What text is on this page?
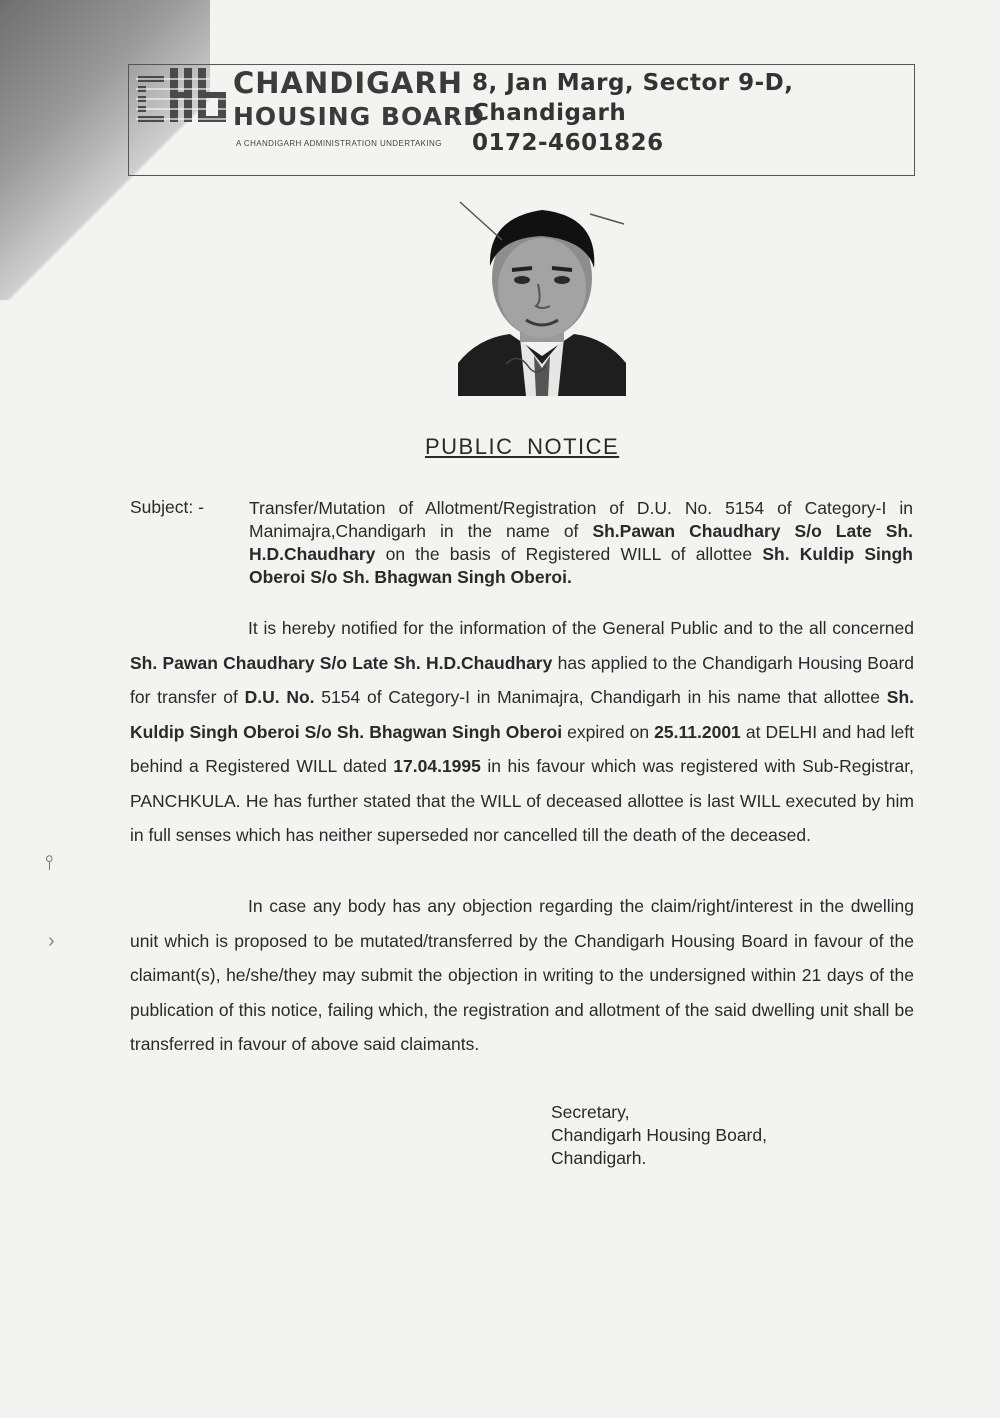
CHANDIGARH
HOUSING BOARD
A CHANDIGARH ADMINISTRATION UNDERTAKING
8, Jan Marg, Sector 9-D,
Chandigarh
0172-4601826
PUBLIC NOTICE
Subject: -	Transfer/Mutation of Allotment/Registration of D.U. No. 5154 of Category-I in Manimajra,Chandigarh in the name of Sh.Pawan Chaudhary S/o Late Sh. H.D.Chaudhary on the basis of Registered WILL of allottee Sh. Kuldip Singh Oberoi S/o Sh. Bhagwan Singh Oberoi.
It is hereby notified for the information of the General Public and to the all concerned Sh. Pawan Chaudhary S/o Late Sh. H.D.Chaudhary has applied to the Chandigarh Housing Board for transfer of D.U. No. 5154 of Category-I in Manimajra, Chandigarh in his name that allottee Sh. Kuldip Singh Oberoi S/o Sh. Bhagwan Singh Oberoi expired on 25.11.2001 at DELHI and had left behind a Registered WILL dated 17.04.1995 in his favour which was registered with Sub-Registrar, PANCHKULA. He has further stated that the WILL of deceased allottee is last WILL executed by him in full senses which has neither superseded nor cancelled till the death of the deceased.
In case any body has any objection regarding the claim/right/interest in the dwelling unit which is proposed to be mutated/transferred by the Chandigarh Housing Board in favour of the claimant(s), he/she/they may submit the objection in writing to the undersigned within 21 days of the publication of this notice, failing which, the registration and allotment of the said dwelling unit shall be transferred in favour of above said claimants.
Secretary,
Chandigarh Housing Board,
Chandigarh.
⫯
›
